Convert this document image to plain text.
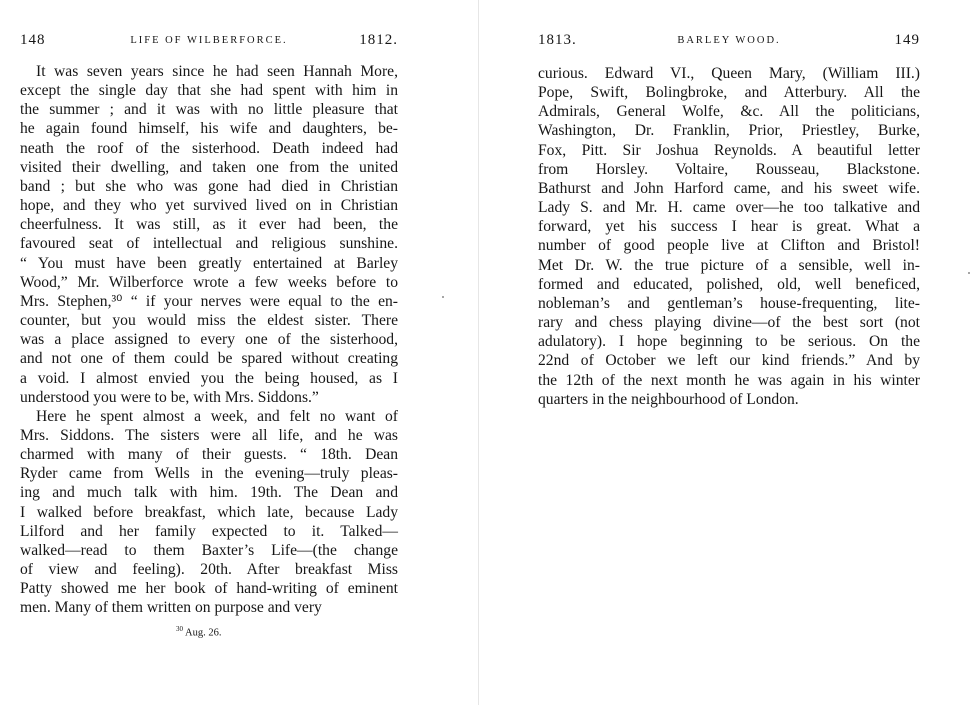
148	LIFE OF WILBERFORCE.	1812.
It was seven years since he had seen Hannah More,
except the single day that she had spent with him in
the summer ; and it was with no little pleasure that
he again found himself, his wife and daughters, be-
neath the roof of the sisterhood. Death indeed had
visited their dwelling, and taken one from the united
band ; but she who was gone had died in Christian
hope, and they who yet survived lived on in Christian
cheerfulness. It was still, as it ever had been, the
favoured seat of intellectual and religious sunshine.
“ You must have been greatly entertained at Barley
Wood,” Mr. Wilberforce wrote a few weeks before to
Mrs. Stephen,³⁰ “ if your nerves were equal to the en-
counter, but you would miss the eldest sister. There
was a place assigned to every one of the sisterhood,
and not one of them could be spared without creating
a void. I almost envied you the being housed, as I
understood you were to be, with Mrs. Siddons.”
Here he spent almost a week, and felt no want of
Mrs. Siddons. The sisters were all life, and he was
charmed with many of their guests. “ 18th. Dean
Ryder came from Wells in the evening—truly pleas-
ing and much talk with him. 19th. The Dean and
I walked before breakfast, which late, because Lady
Lilford and her family expected to it. Talked—
walked—read to them Baxter’s Life—(the change
of view and feeling). 20th. After breakfast Miss
Patty showed me her book of hand-writing of eminent
men. Many of them written on purpose and very
$^{30}$ Aug. 26.
1813.	BARLEY WOOD.	149
curious. Edward VI., Queen Mary, (William III.)
Pope, Swift, Bolingbroke, and Atterbury. All the
Admirals, General Wolfe, &c. All the politicians,
Washington, Dr. Franklin, Prior, Priestley, Burke,
Fox, Pitt. Sir Joshua Reynolds. A beautiful letter
from Horsley. Voltaire, Rousseau, Blackstone.
Bathurst and John Harford came, and his sweet wife.
Lady S. and Mr. H. came over—he too talkative and
forward, yet his success I hear is great. What a
number of good people live at Clifton and Bristol!
Met Dr. W. the true picture of a sensible, well in-
formed and educated, polished, old, well beneficed,
nobleman’s and gentleman’s house-frequenting, lite-
rary and chess playing divine—of the best sort (not
adulatory). I hope beginning to be serious. On the
22nd of October we left our kind friends.” And by
the 12th of the next month he was again in his winter
quarters in the neighbourhood of London.
